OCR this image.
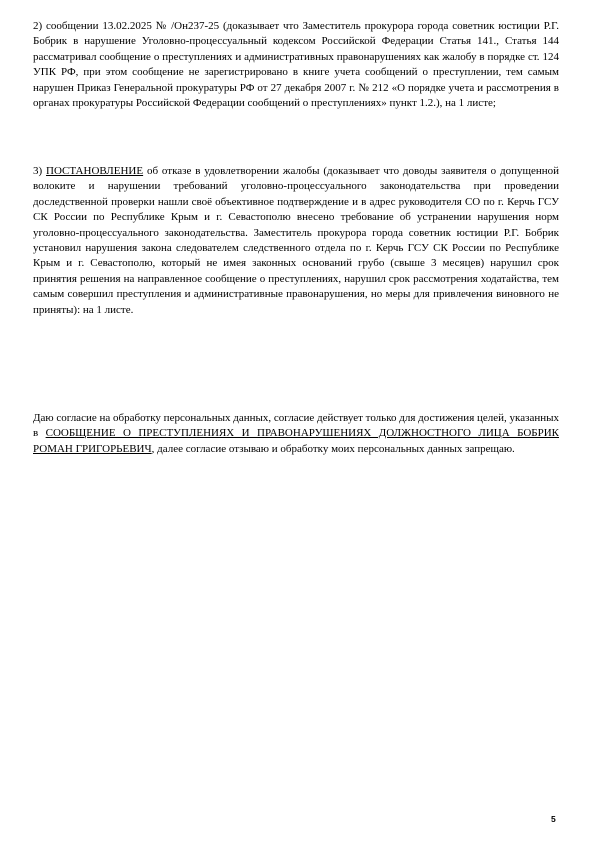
2) сообщении 13.02.2025 № /Он237-25 (доказывает что Заместитель прокурора города советник юстиции Р.Г. Бобрик в нарушение Уголовно-процессуальный кодексом Российской Федерации Статья 141., Статья 144 рассматривал сообщение о преступлениях и административных правонарушениях как жалобу в порядке ст. 124 УПК РФ, при этом сообщение не зарегистрировано в книге учета сообщений о преступлении, тем самым нарушен Приказ Генеральной прокуратуры РФ от 27 декабря 2007 г. № 212 «О порядке учета и рассмотрения в органах прокуратуры Российской Федерации сообщений о преступлениях» пункт 1.2.), на 1 листе;

3) ПОСТАНОВЛЕНИЕ об отказе в удовлетворении жалобы (доказывает что доводы заявителя о допущенной волоките и нарушении требований уголовно-процессуального законодательства при проведении доследственной проверки нашли своё объективное подтверждение и в адрес руководителя СО по г. Керчь ГСУ СК России по Республике Крым и г. Севастополю внесено требование об устранении нарушения норм уголовно-процессуального законодательства. Заместитель прокурора города советник юстиции Р.Г. Бобрик установил нарушения закона следователем следственного отдела по г. Керчь ГСУ СК России по Республике Крым и г. Севастополю, который не имея законных оснований грубо (свыше 3 месяцев) нарушил срок принятия решения на направленное сообщение о преступлениях, нарушил срок рассмотрения ходатайства, тем самым совершил преступления и административные правонарушения, но меры для привлечения виновного не приняты): на 1 листе.

Даю согласие на обработку персональных данных, согласие действует только для достижения целей, указанных в СООБЩЕНИЕ О ПРЕСТУПЛЕНИЯХ И ПРАВОНАРУШЕНИЯХ ДОЛЖНОСТНОГО ЛИЦА БОБРИК РОМАН ГРИГОРЬЕВИЧ, далее согласие отзываю и обработку моих персональных данных запрещаю.

5
